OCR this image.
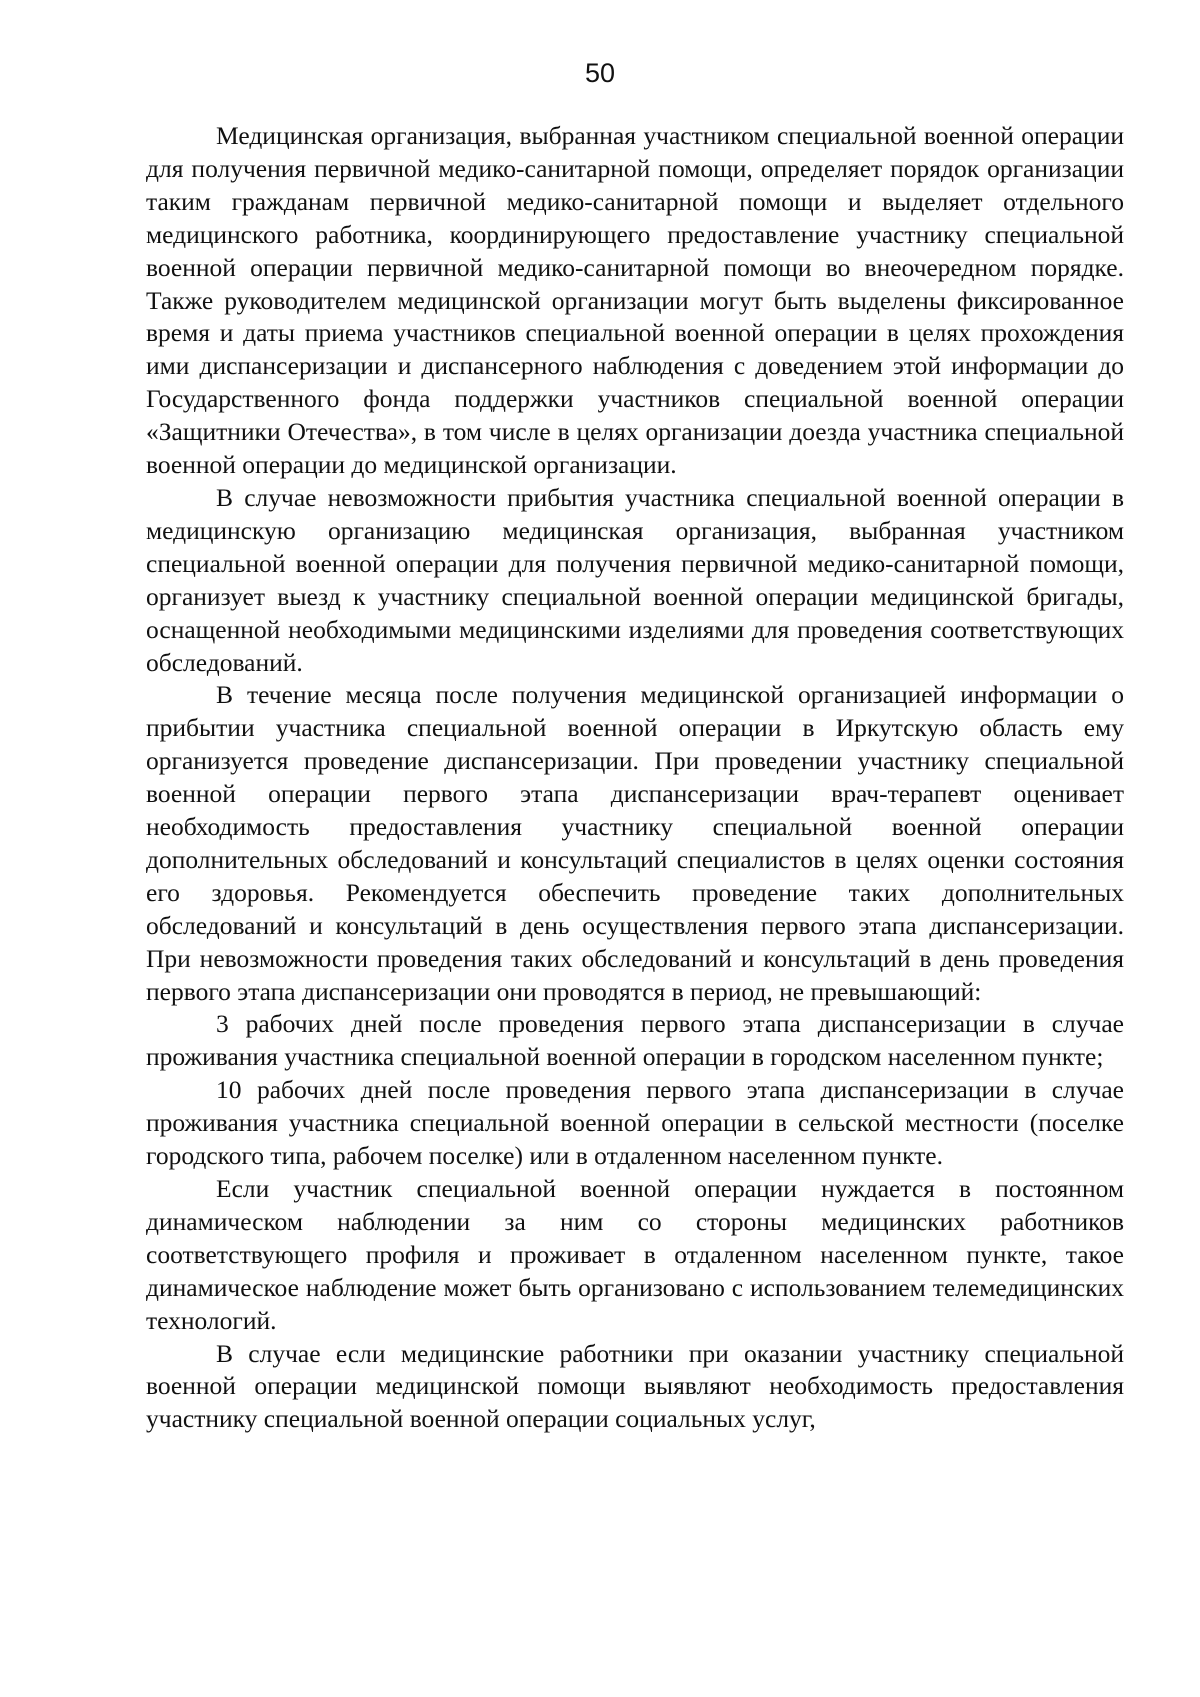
50

Медицинская организация, выбранная участником специальной военной операции для получения первичной медико-санитарной помощи, определяет порядок организации таким гражданам первичной медико-санитарной помощи и выделяет отдельного медицинского работника, координирующего предоставление участнику специальной военной операции первичной медико-санитарной помощи во внеочередном порядке. Также руководителем медицинской организации могут быть выделены фиксированное время и даты приема участников специальной военной операции в целях прохождения ими диспансеризации и диспансерного наблюдения с доведением этой информации до Государственного фонда поддержки участников специальной военной операции «Защитники Отечества», в том числе в целях организации доезда участника специальной военной операции до медицинской организации.

В случае невозможности прибытия участника специальной военной операции в медицинскую организацию медицинская организация, выбранная участником специальной военной операции для получения первичной медико-санитарной помощи, организует выезд к участнику специальной военной операции медицинской бригады, оснащенной необходимыми медицинскими изделиями для проведения соответствующих обследований.

В течение месяца после получения медицинской организацией информации о прибытии участника специальной военной операции в Иркутскую область ему организуется проведение диспансеризации. При проведении участнику специальной военной операции первого этапа диспансеризации врач-терапевт оценивает необходимость предоставления участнику специальной военной операции дополнительных обследований и консультаций специалистов в целях оценки состояния его здоровья. Рекомендуется обеспечить проведение таких дополнительных обследований и консультаций в день осуществления первого этапа диспансеризации. При невозможности проведения таких обследований и консультаций в день проведения первого этапа диспансеризации они проводятся в период, не превышающий:

3 рабочих дней после проведения первого этапа диспансеризации в случае проживания участника специальной военной операции в городском населенном пункте;

10 рабочих дней после проведения первого этапа диспансеризации в случае проживания участника специальной военной операции в сельской местности (поселке городского типа, рабочем поселке) или в отдаленном населенном пункте.

Если участник специальной военной операции нуждается в постоянном динамическом наблюдении за ним со стороны медицинских работников соответствующего профиля и проживает в отдаленном населенном пункте, такое динамическое наблюдение может быть организовано с использованием телемедицинских технологий.

В случае если медицинские работники при оказании участнику специальной военной операции медицинской помощи выявляют необходимость предоставления участнику специальной военной операции социальных услуг,
